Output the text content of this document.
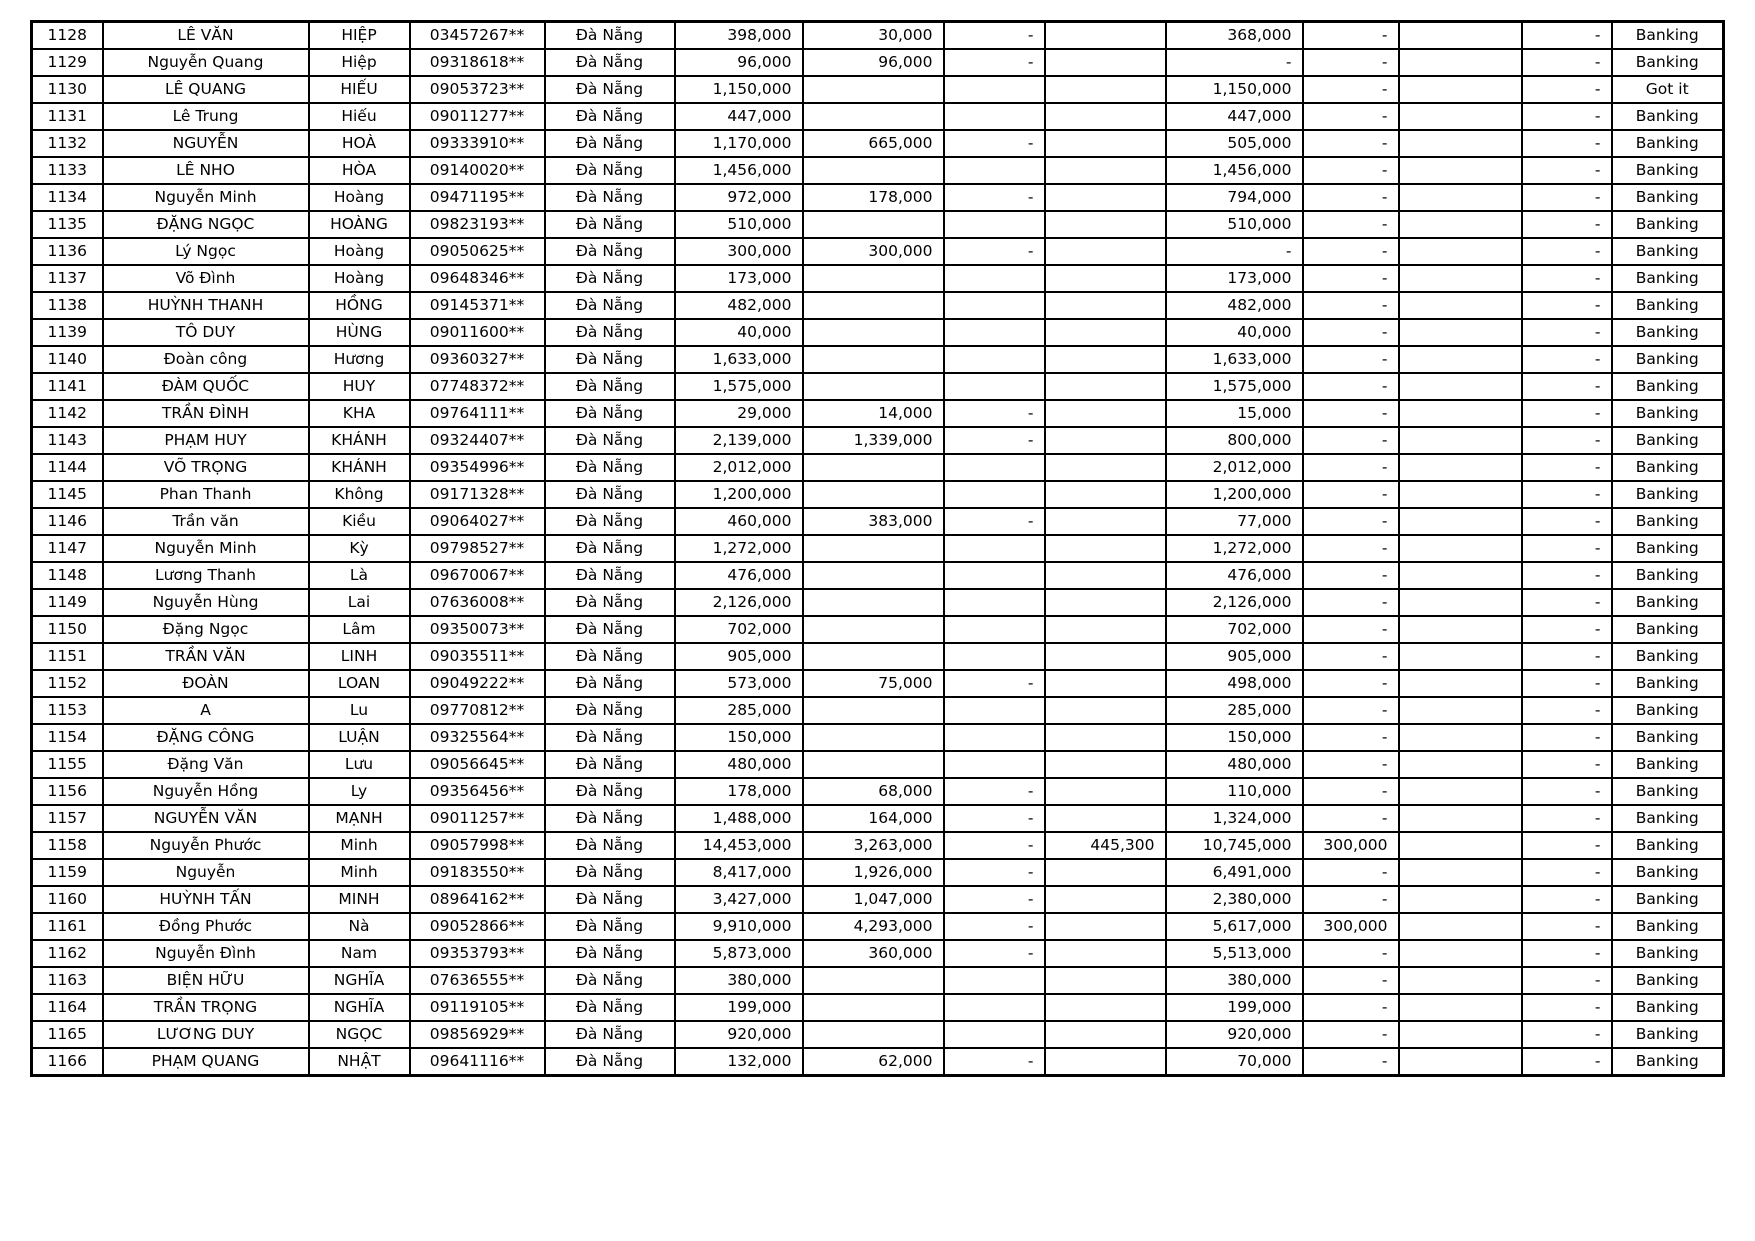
1128	LÊ VĂN	HIỆP	03457267**	Đà Nẵng	398,000	30,000	-		368,000	-		-	Banking
1129	Nguyễn Quang	Hiệp	09318618**	Đà Nẵng	96,000	96,000	-		-	-		-	Banking
1130	LÊ QUANG	HIẾU	09053723**	Đà Nẵng	1,150,000				1,150,000	-		-	Got it
1131	Lê Trung	Hiếu	09011277**	Đà Nẵng	447,000				447,000	-		-	Banking
1132	NGUYỄN	HOÀ	09333910**	Đà Nẵng	1,170,000	665,000	-		505,000	-		-	Banking
1133	LÊ NHO	HÒA	09140020**	Đà Nẵng	1,456,000				1,456,000	-		-	Banking
1134	Nguyễn Minh	Hoàng	09471195**	Đà Nẵng	972,000	178,000	-		794,000	-		-	Banking
1135	ĐẶNG NGỌC	HOÀNG	09823193**	Đà Nẵng	510,000				510,000	-		-	Banking
1136	Lý Ngọc	Hoàng	09050625**	Đà Nẵng	300,000	300,000	-		-	-		-	Banking
1137	Võ Đình	Hoàng	09648346**	Đà Nẵng	173,000				173,000	-		-	Banking
1138	HUỲNH THANH	HỒNG	09145371**	Đà Nẵng	482,000				482,000	-		-	Banking
1139	TÔ DUY	HÙNG	09011600**	Đà Nẵng	40,000				40,000	-		-	Banking
1140	Đoàn công	Hương	09360327**	Đà Nẵng	1,633,000				1,633,000	-		-	Banking
1141	ĐÀM QUỐC	HUY	07748372**	Đà Nẵng	1,575,000				1,575,000	-		-	Banking
1142	TRẦN ĐÌNH	KHA	09764111**	Đà Nẵng	29,000	14,000	-		15,000	-		-	Banking
1143	PHẠM HUY	KHÁNH	09324407**	Đà Nẵng	2,139,000	1,339,000	-		800,000	-		-	Banking
1144	VÕ TRỌNG	KHÁNH	09354996**	Đà Nẵng	2,012,000				2,012,000	-		-	Banking
1145	Phan Thanh	Không	09171328**	Đà Nẵng	1,200,000				1,200,000	-		-	Banking
1146	Trần văn	Kiều	09064027**	Đà Nẵng	460,000	383,000	-		77,000	-		-	Banking
1147	Nguyễn Minh	Kỳ	09798527**	Đà Nẵng	1,272,000				1,272,000	-		-	Banking
1148	Lương Thanh	Là	09670067**	Đà Nẵng	476,000				476,000	-		-	Banking
1149	Nguyễn Hùng	Lai	07636008**	Đà Nẵng	2,126,000				2,126,000	-		-	Banking
1150	Đặng Ngọc	Lâm	09350073**	Đà Nẵng	702,000				702,000	-		-	Banking
1151	TRẦN VĂN	LINH	09035511**	Đà Nẵng	905,000				905,000	-		-	Banking
1152	ĐOÀN	LOAN	09049222**	Đà Nẵng	573,000	75,000	-		498,000	-		-	Banking
1153	A	Lu	09770812**	Đà Nẵng	285,000				285,000	-		-	Banking
1154	ĐẶNG CÔNG	LUẬN	09325564**	Đà Nẵng	150,000				150,000	-		-	Banking
1155	Đặng Văn	Lưu	09056645**	Đà Nẵng	480,000				480,000	-		-	Banking
1156	Nguyễn Hồng	Ly	09356456**	Đà Nẵng	178,000	68,000	-		110,000	-		-	Banking
1157	NGUYỄN VĂN	MẠNH	09011257**	Đà Nẵng	1,488,000	164,000	-		1,324,000	-		-	Banking
1158	Nguyễn Phước	Minh	09057998**	Đà Nẵng	14,453,000	3,263,000	-	445,300	10,745,000	300,000		-	Banking
1159	Nguyễn	Minh	09183550**	Đà Nẵng	8,417,000	1,926,000	-		6,491,000	-		-	Banking
1160	HUỲNH TẤN	MINH	08964162**	Đà Nẵng	3,427,000	1,047,000	-		2,380,000	-		-	Banking
1161	Đồng Phước	Nà	09052866**	Đà Nẵng	9,910,000	4,293,000	-		5,617,000	300,000		-	Banking
1162	Nguyễn Đình	Nam	09353793**	Đà Nẵng	5,873,000	360,000	-		5,513,000	-		-	Banking
1163	BIỆN HỮU	NGHĨA	07636555**	Đà Nẵng	380,000				380,000	-		-	Banking
1164	TRẦN TRỌNG	NGHĨA	09119105**	Đà Nẵng	199,000				199,000	-		-	Banking
1165	LƯƠNG DUY	NGỌC	09856929**	Đà Nẵng	920,000				920,000	-		-	Banking
1166	PHẠM QUANG	NHẬT	09641116**	Đà Nẵng	132,000	62,000	-		70,000	-		-	Banking
